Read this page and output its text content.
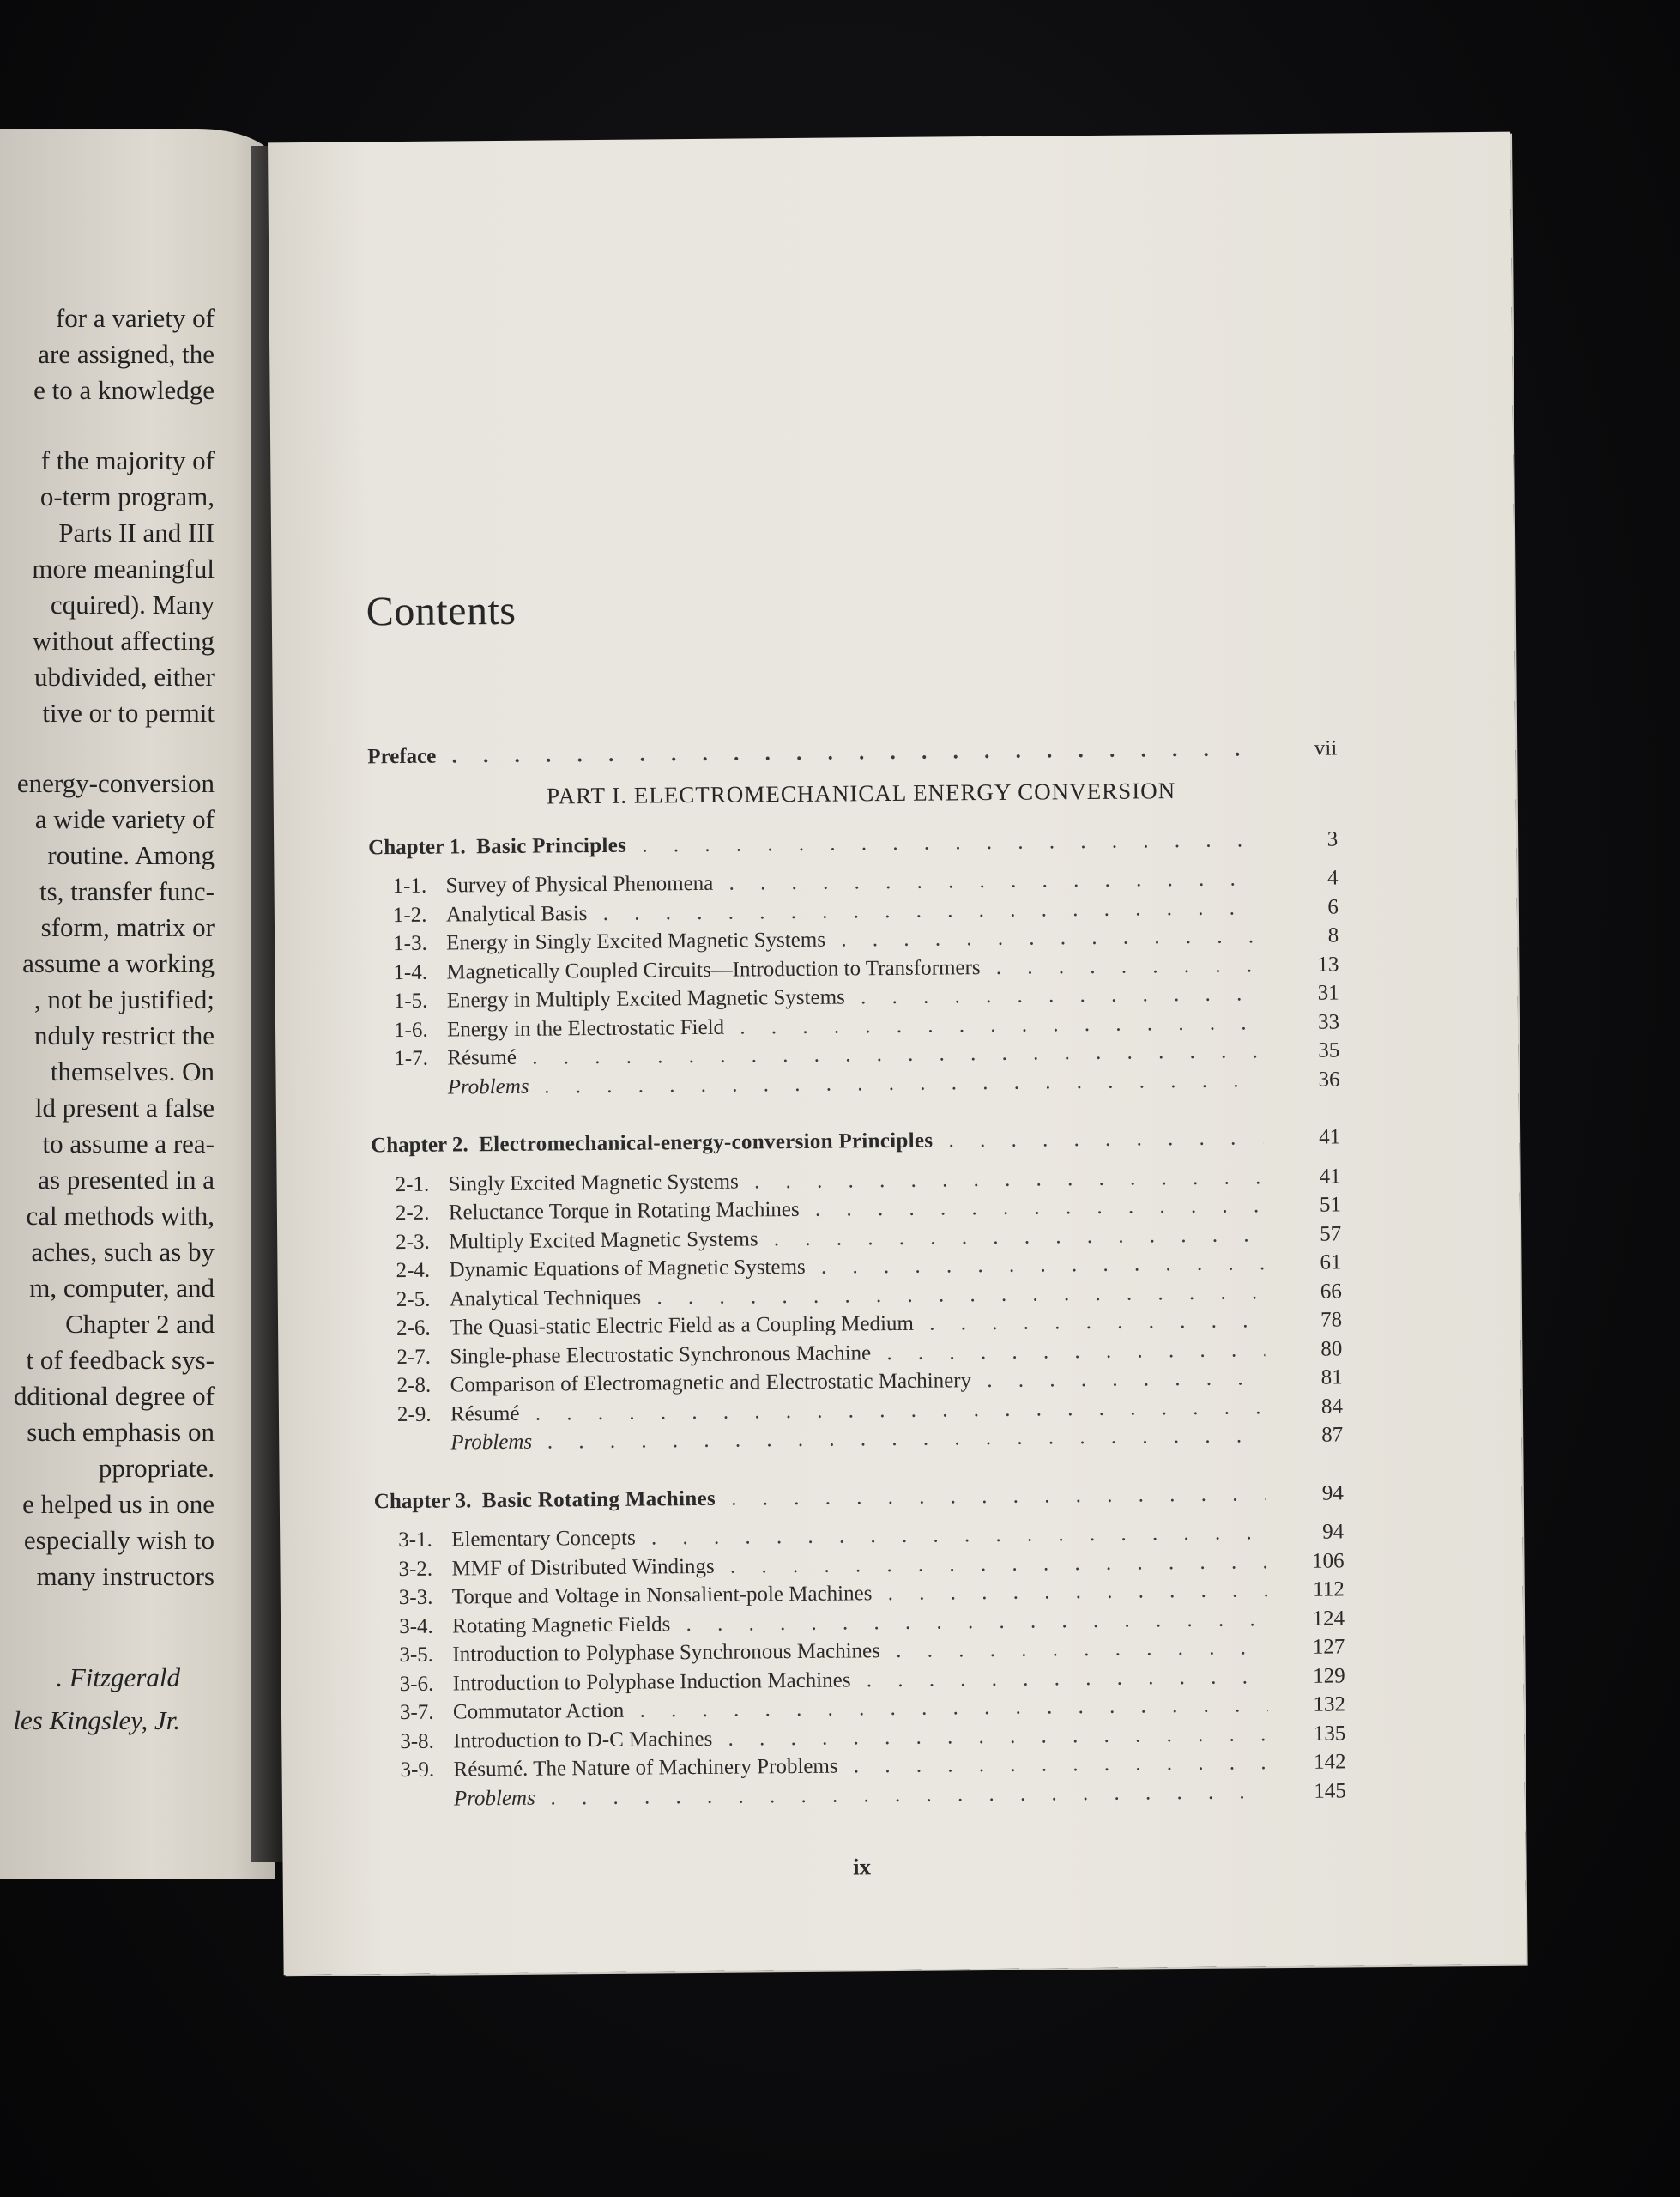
for a variety of
are assigned, the
e to a knowledge
f the majority of
o-term program,
Parts II and III
more meaningful
cquired). Many
without affecting
ubdivided, either
tive or to permit
energy-conversion
a wide variety of
routine. Among
ts, transfer func-
sform, matrix or
assume a working
, not be justified;
nduly restrict the
themselves. On
ld present a false
to assume a rea-
as presented in a
cal methods with,
aches, such as by
m, computer, and
Chapter 2 and
t of feedback sys-
dditional degree of
such emphasis on
ppropriate.
e helped us in one
especially wish to
many instructors
. Fitzgerald
les Kingsley, Jr.
Contents
Preface . . .	vii
PART I. ELECTROMECHANICAL ENERGY CONVERSION
Chapter 1. Basic Principles . . .	3
1-1. Survey of Physical Phenomena . . .	4
1-2. Analytical Basis . . .	6
1-3. Energy in Singly Excited Magnetic Systems . . .	8
1-4. Magnetically Coupled Circuits—Introduction to Transformers . . .	13
1-5. Energy in Multiply Excited Magnetic Systems . . .	31
1-6. Energy in the Electrostatic Field . . .	33
1-7. Résumé . . .	35
Problems . . .	36
Chapter 2. Electromechanical-energy-conversion Principles . . .	41
2-1. Singly Excited Magnetic Systems . . .	41
2-2. Reluctance Torque in Rotating Machines . . .	51
2-3. Multiply Excited Magnetic Systems . . .	57
2-4. Dynamic Equations of Magnetic Systems . . .	61
2-5. Analytical Techniques . . .	66
2-6. The Quasi-static Electric Field as a Coupling Medium . . .	78
2-7. Single-phase Electrostatic Synchronous Machine . . .	80
2-8. Comparison of Electromagnetic and Electrostatic Machinery . . .	81
2-9. Résumé . . .	84
Problems . . .	87
Chapter 3. Basic Rotating Machines . . .	94
3-1. Elementary Concepts . . .	94
3-2. MMF of Distributed Windings . . .	106
3-3. Torque and Voltage in Nonsalient-pole Machines . . .	112
3-4. Rotating Magnetic Fields . . .	124
3-5. Introduction to Polyphase Synchronous Machines . . .	127
3-6. Introduction to Polyphase Induction Machines . . .	129
3-7. Commutator Action . . .	132
3-8. Introduction to D-C Machines . . .	135
3-9. Résumé. The Nature of Machinery Problems . . .	142
Problems . . .	145
ix
